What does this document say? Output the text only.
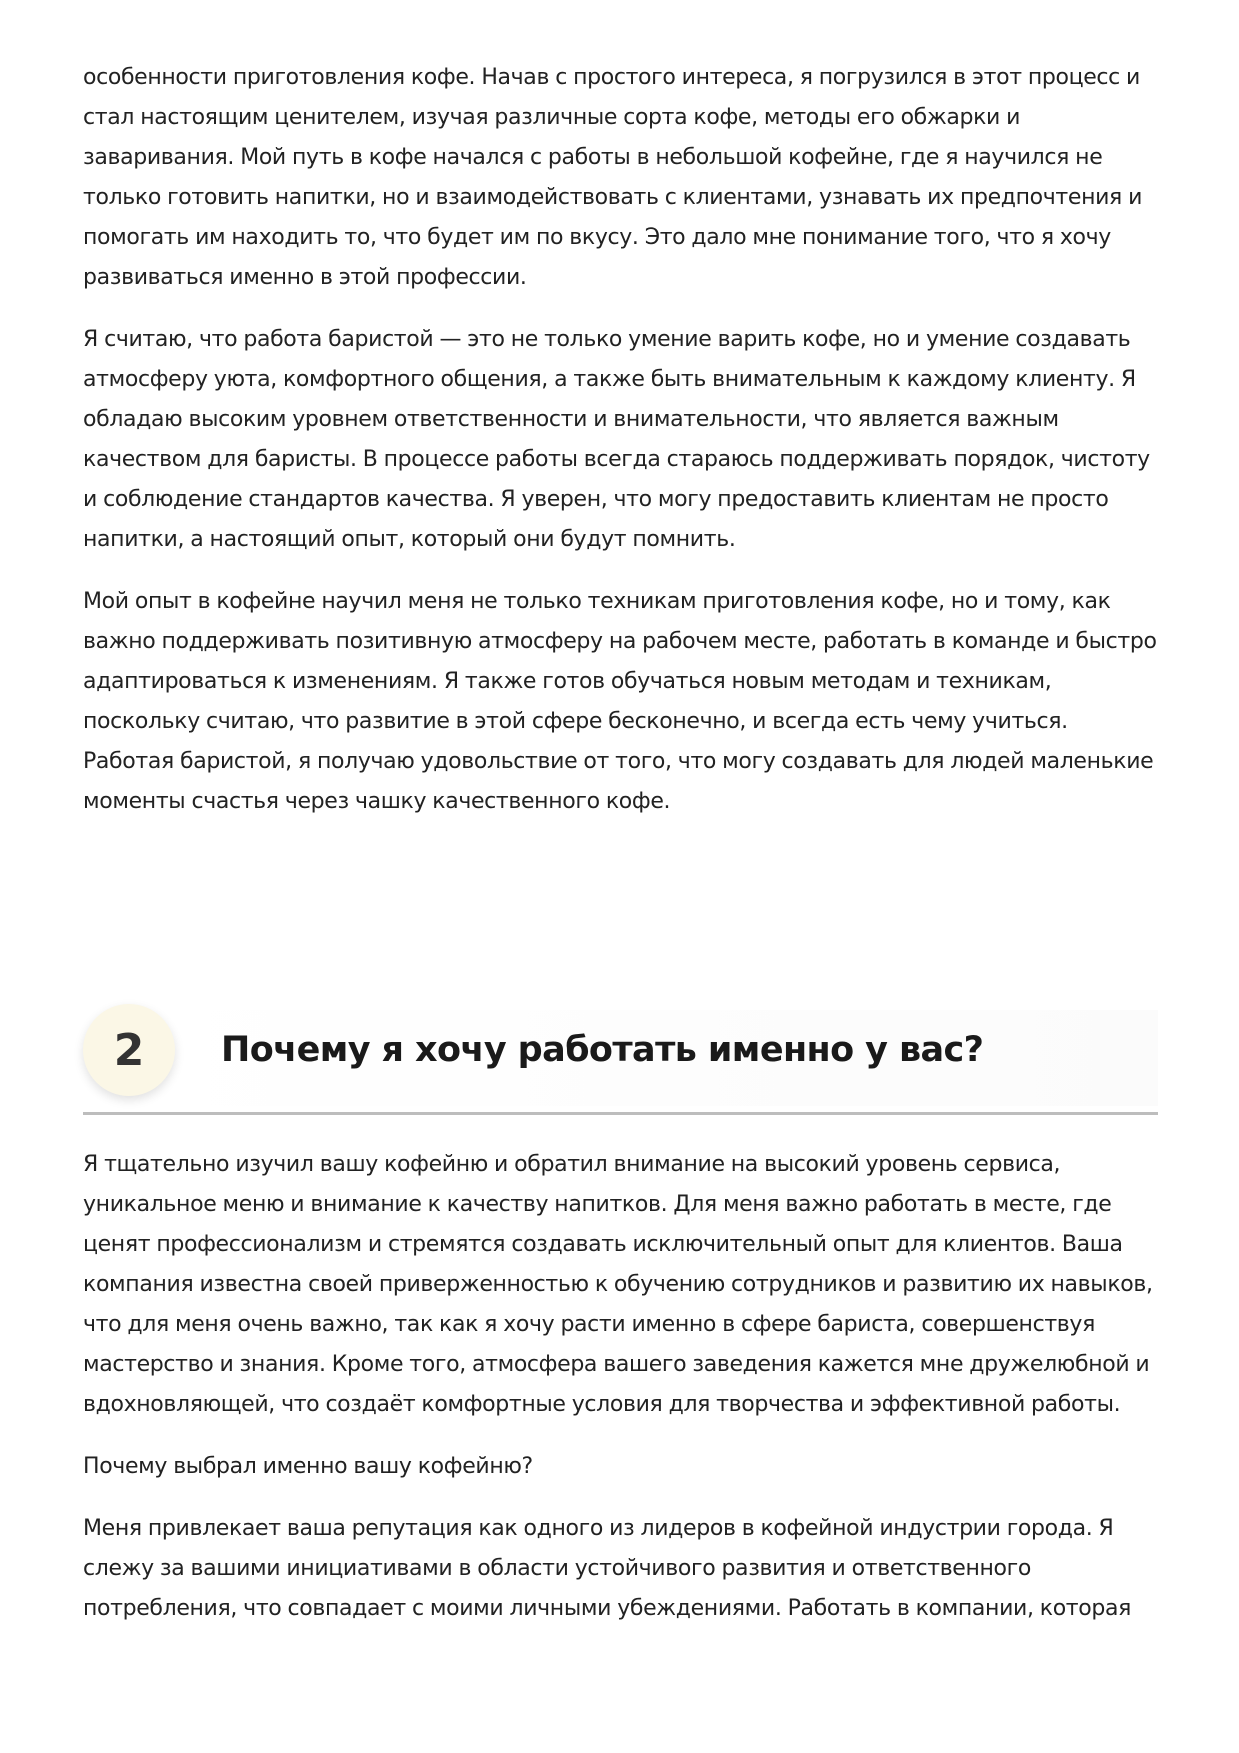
особенности приготовления кофе. Начав с простого интереса, я погрузился в этот процесс и стал настоящим ценителем, изучая различные сорта кофе, методы его обжарки и заваривания. Мой путь в кофе начался с работы в небольшой кофейне, где я научился не только готовить напитки, но и взаимодействовать с клиентами, узнавать их предпочтения и помогать им находить то, что будет им по вкусу. Это дало мне понимание того, что я хочу развиваться именно в этой профессии.

Я считаю, что работа баристой — это не только умение варить кофе, но и умение создавать атмосферу уюта, комфортного общения, а также быть внимательным к каждому клиенту. Я обладаю высоким уровнем ответственности и внимательности, что является важным качеством для баристы. В процессе работы всегда стараюсь поддерживать порядок, чистоту и соблюдение стандартов качества. Я уверен, что могу предоставить клиентам не просто напитки, а настоящий опыт, который они будут помнить.

Мой опыт в кофейне научил меня не только техникам приготовления кофе, но и тому, как важно поддерживать позитивную атмосферу на рабочем месте, работать в команде и быстро адаптироваться к изменениям. Я также готов обучаться новым методам и техникам, поскольку считаю, что развитие в этой сфере бесконечно, и всегда есть чему учиться. Работая баристой, я получаю удовольствие от того, что могу создавать для людей маленькие моменты счастья через чашку качественного кофе.

2	Почему я хочу работать именно у вас?

Я тщательно изучил вашу кофейню и обратил внимание на высокий уровень сервиса, уникальное меню и внимание к качеству напитков. Для меня важно работать в месте, где ценят профессионализм и стремятся создавать исключительный опыт для клиентов. Ваша компания известна своей приверженностью к обучению сотрудников и развитию их навыков, что для меня очень важно, так как я хочу расти именно в сфере бариста, совершенствуя мастерство и знания. Кроме того, атмосфера вашего заведения кажется мне дружелюбной и вдохновляющей, что создаёт комфортные условия для творчества и эффективной работы.

Почему выбрал именно вашу кофейню?

Меня привлекает ваша репутация как одного из лидеров в кофейной индустрии города. Я слежу за вашими инициативами в области устойчивого развития и ответственного потребления, что совпадает с моими личными убеждениями. Работать в компании, которая
